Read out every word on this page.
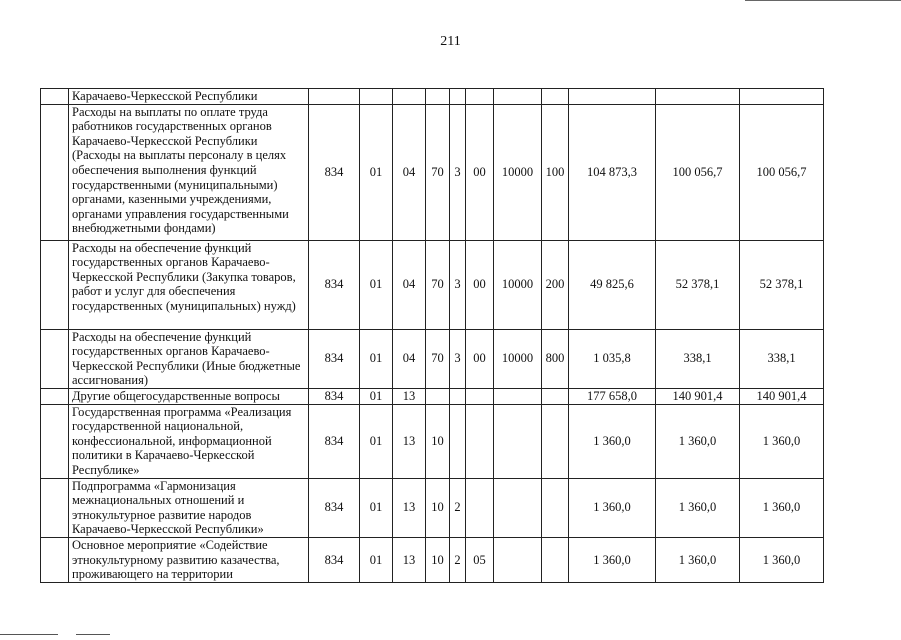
211
	Карачаево-Черкесской Республики											
	Расходы на выплаты по оплате труда работников государственных органов Карачаево-Черкесской Республики (Расходы на выплаты персоналу в целях обеспечения выполнения функций государственными (муниципальными) органами, казенными учреждениями, органами управления государственными внебюджетными фондами)	834	01	04	70	3	00	10000	100	104 873,3	100 056,7	100 056,7
	Расходы на обеспечение функций государственных органов Карачаево-Черкесской Республики (Закупка товаров, работ и услуг для обеспечения государственных (муниципальных) нужд)	834	01	04	70	3	00	10000	200	49 825,6	52 378,1	52 378,1
	Расходы на обеспечение функций государственных органов Карачаево-Черкесской Республики (Иные бюджетные ассигнования)	834	01	04	70	3	00	10000	800	1 035,8	338,1	338,1
	Другие общегосударственные вопросы	834	01	13						177 658,0	140 901,4	140 901,4
	Государственная программа «Реализация государственной национальной, конфессиональной, информационной политики в Карачаево-Черкесской Республике»	834	01	13	10					1 360,0	1 360,0	1 360,0
	Подпрограмма «Гармонизация межнациональных отношений и этнокультурное развитие народов Карачаево-Черкесской Республики»	834	01	13	10	2				1 360,0	1 360,0	1 360,0
	Основное мероприятие «Содействие этнокультурному развитию казачества, проживающего на территории	834	01	13	10	2	05			1 360,0	1 360,0	1 360,0
